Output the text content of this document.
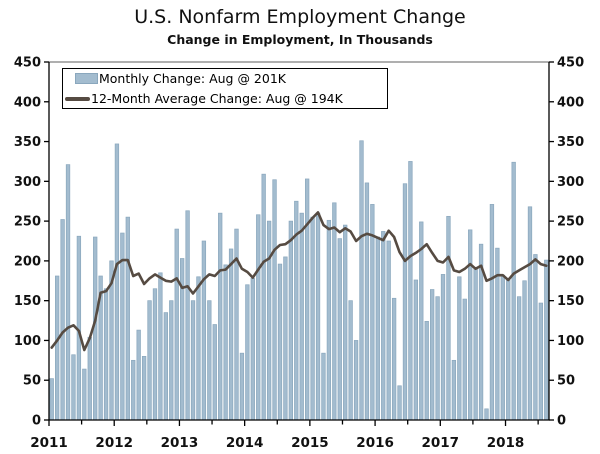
U.S. Nonfarm Employment Change
Change in Employment, In Thousands
0
50
100
150
200
250
300
350
400
450
0
50
100
150
200
250
300
350
400
450
2011 2012 2013 2014 2015 2016 2017 2018
Monthly Change: Aug @ 201K
12-Month Average Change: Aug @ 194K
